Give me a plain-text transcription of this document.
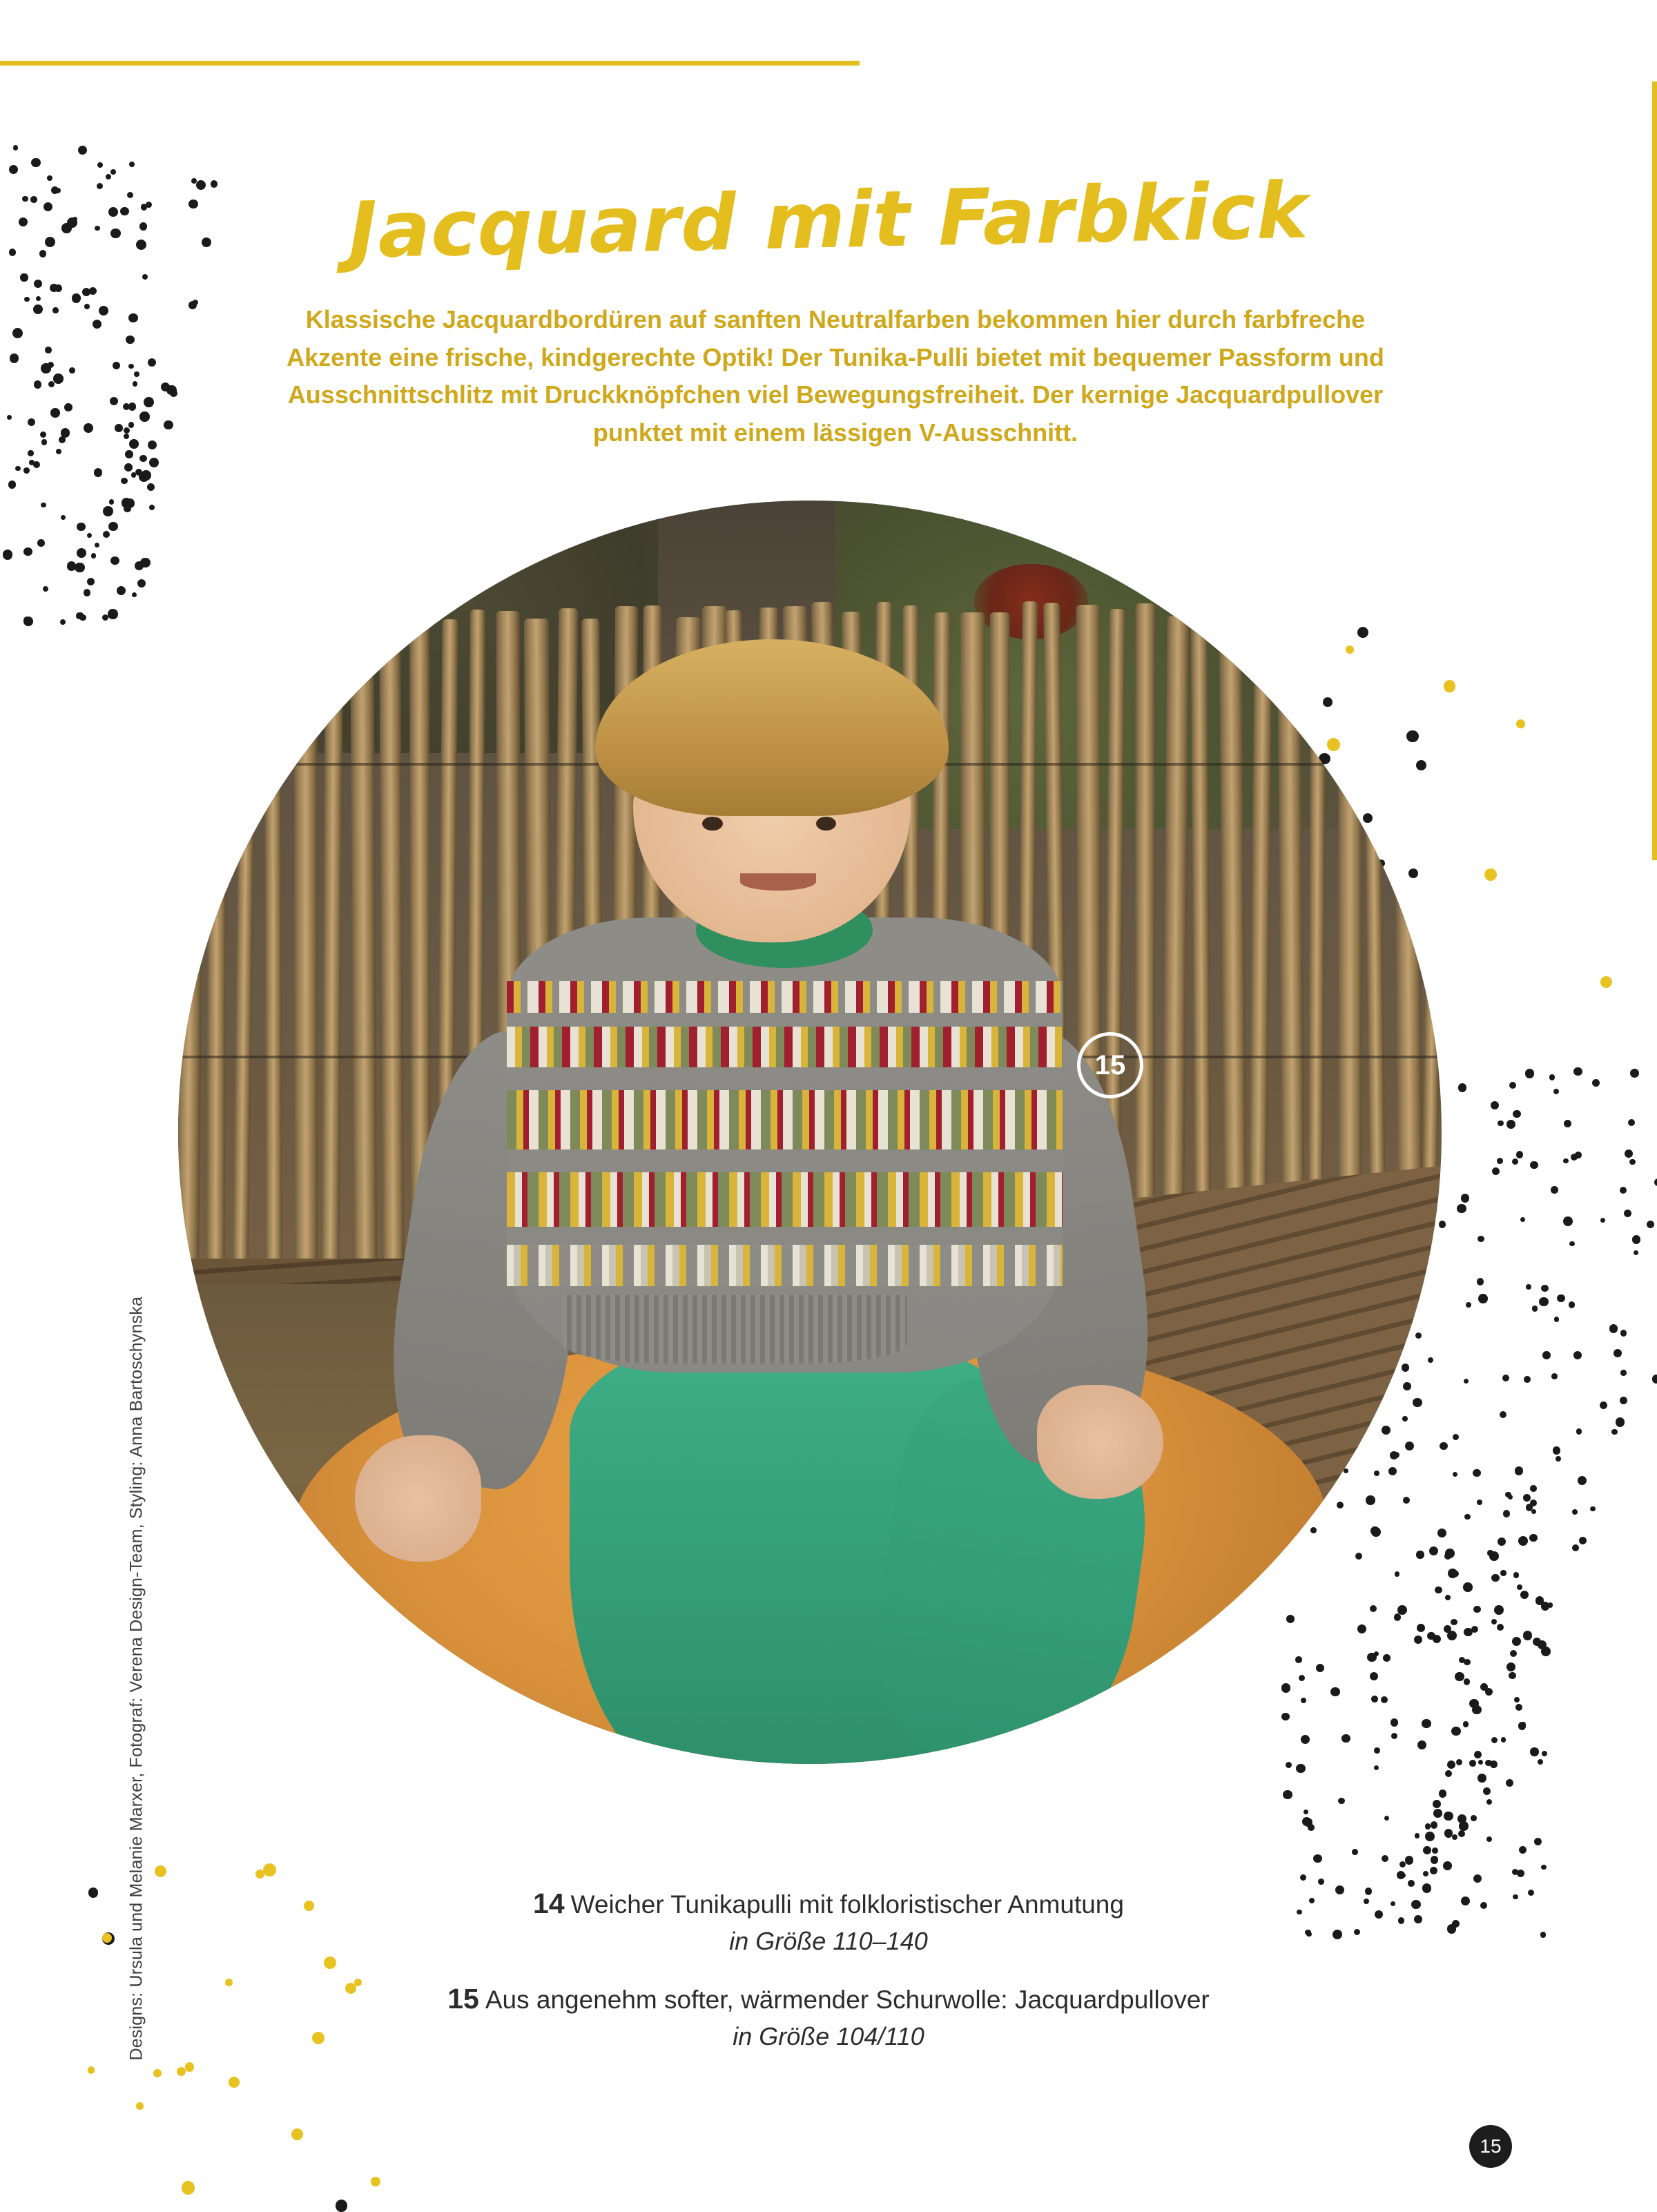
Jacquard mit Farbkick

Klassische Jacquardbordüren auf sanften Neutralfarben bekommen hier durch farbfreche Akzente eine frische, kindgerechte Optik! Der Tunika-Pulli bietet mit bequemer Passform und Ausschnittschlitz mit Druckknöpfchen viel Bewegungsfreiheit. Der kernige Jacquardpullover punktet mit einem lässigen V-Ausschnitt.

15
Designs: Ursula und Melanie Marxer, Fotograf: Verena Design-Team, Styling: Anna Bartoschynska	14 Weicher Tunikapulli mit folkloristischer Anmutung
in Größe 110–140
15 Aus angenehm softer, wärmender Schurwolle: Jacquardpullover
in Größe 104/110
15
